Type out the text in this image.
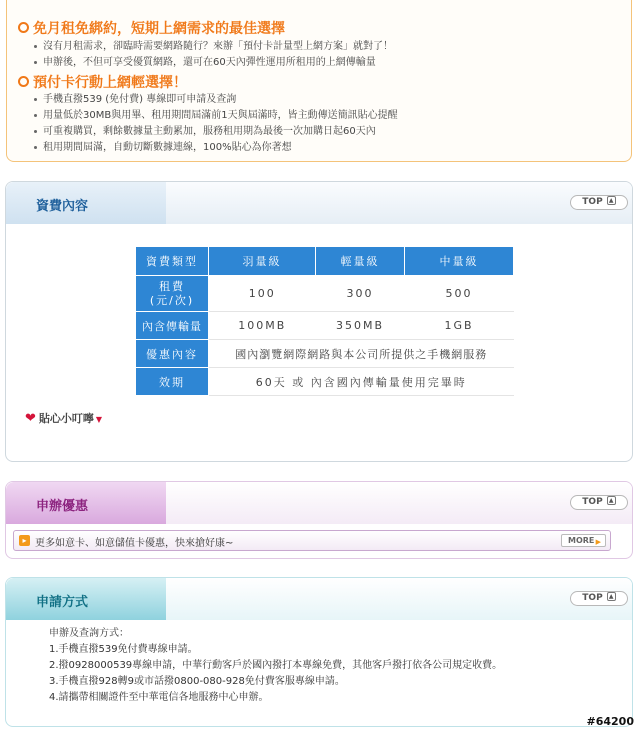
免月租免綁約，短期上網需求的最佳選擇
沒有月租需求，卻臨時需要網路隨行？來辦「預付卡計量型上網方案」就對了！
申辦後，不但可享受優質網路，還可在60天內彈性運用所租用的上網傳輸量
預付卡行動上網輕選擇！
手機直撥539 (免付費) 專線即可申請及查詢
用量低於30MB與用畢、租用期間屆滿前1天與屆滿時，皆主動傳送簡訊貼心提醒
可重複購買，剩餘數據量主動累加，服務租用期為最後一次加購日起60天內
租用期間屆滿，自動切斷數據連線，100%貼心為你著想
資費內容	TOP ▲
資費類型	羽量級	輕量級	中量級
租費
(元/次)	100	300	500
內含傳輸量	100MB	350MB	1GB
優惠內容	國內瀏覽網際網路與本公司所提供之手機網服務		
效期	60天 或 內含國內傳輸量使用完畢時		
❤ 貼心小叮嚀 ▼
申辦優惠	TOP ▲
▸ 更多如意卡、如意儲值卡優惠，快來搶好康~	MORE ▶
申請方式	TOP ▲
申辦及查詢方式：
1.手機直撥539免付費專線申請。
2.撥0928000539專線申請，中華行動客戶於國內撥打本專線免費，其他客戶撥打依各公司規定收費。
3.手機直撥928轉9或市話撥0800-080-928免付費客服專線申請。
4.請攜帶相關證件至中華電信各地服務中心申辦。
#64200
